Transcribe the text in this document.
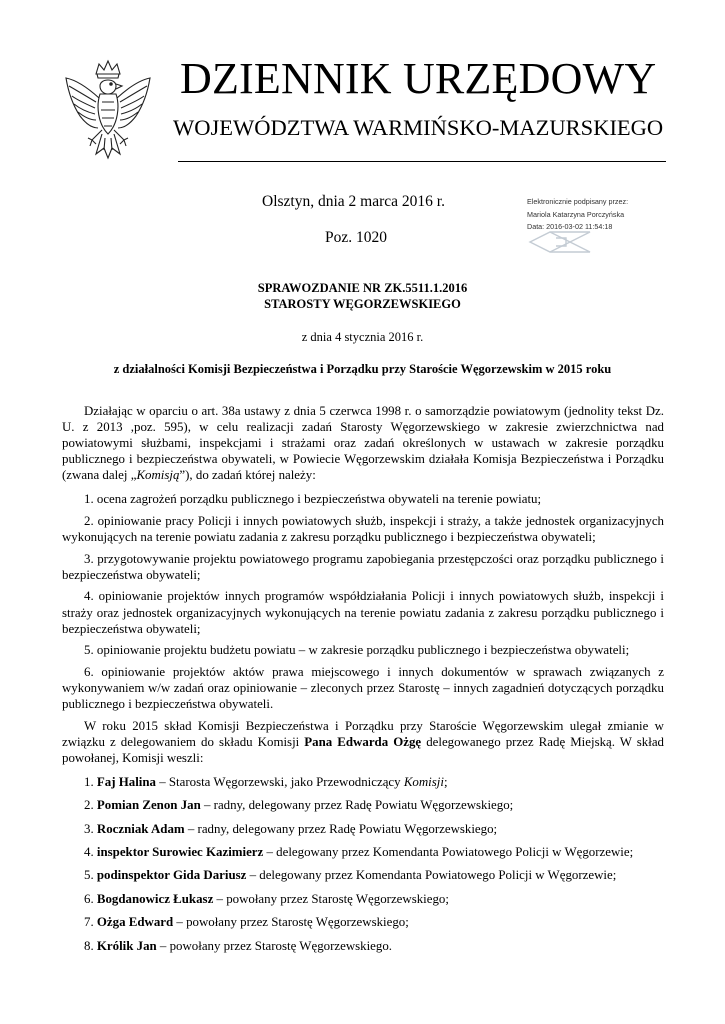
DZIENNIK URZĘDOWY
WOJEWÓDZTWA WARMIŃSKO-MAZURSKIEGO
Olsztyn, dnia 2 marca 2016 r.
Poz. 1020
Elektronicznie podpisany przez:
Mariola Katarzyna Porczyńska
Data: 2016-03-02 11:54:18
SPRAWOZDANIE NR ZK.5511.1.2016
STAROSTY WĘGORZEWSKIEGO
z dnia 4 stycznia 2016 r.
z działalności Komisji Bezpieczeństwa i Porządku przy Staroście Węgorzewskim w 2015 roku

Działając w oparciu o art. 38a ustawy z dnia 5 czerwca 1998 r. o samorządzie powiatowym (jednolity tekst Dz. U. z 2013 ,poz. 595), w celu realizacji zadań Starosty Węgorzewskiego w zakresie zwierzchnictwa nad powiatowymi służbami, inspekcjami i strażami oraz zadań określonych w ustawach w zakresie porządku publicznego i bezpieczeństwa obywateli, w Powiecie Węgorzewskim działała Komisja Bezpieczeństwa i Porządku (zwana dalej „Komisją”), do zadań której należy:

1. ocena zagrożeń porządku publicznego i bezpieczeństwa obywateli na terenie powiatu;

2. opiniowanie pracy Policji i innych powiatowych służb, inspekcji i straży, a także jednostek organizacyjnych wykonujących na terenie powiatu zadania z zakresu porządku publicznego i bezpieczeństwa obywateli;

3. przygotowywanie projektu powiatowego programu zapobiegania przestępczości oraz porządku publicznego i bezpieczeństwa obywateli;

4. opiniowanie projektów innych programów współdziałania Policji i innych powiatowych służb, inspekcji i straży oraz jednostek organizacyjnych wykonujących na terenie powiatu zadania z zakresu porządku publicznego i bezpieczeństwa obywateli;

5. opiniowanie projektu budżetu powiatu – w zakresie porządku publicznego i bezpieczeństwa obywateli;

6. opiniowanie projektów aktów prawa miejscowego i innych dokumentów w sprawach związanych z wykonywaniem w/w zadań oraz opiniowanie – zleconych przez Starostę – innych zagadnień dotyczących porządku publicznego i bezpieczeństwa obywateli.

W roku 2015 skład Komisji Bezpieczeństwa i Porządku przy Staroście Węgorzewskim ulegał zmianie w związku z delegowaniem do składu Komisji Pana Edwarda Ożgę delegowanego przez Radę Miejską. W skład powołanej, Komisji weszli:

1. Faj Halina – Starosta Węgorzewski, jako Przewodniczący Komisji;

2. Pomian Zenon Jan – radny, delegowany przez Radę Powiatu Węgorzewskiego;

3. Roczniak Adam – radny, delegowany przez Radę Powiatu Węgorzewskiego;

4. inspektor Surowiec Kazimierz – delegowany przez Komendanta Powiatowego Policji w Węgorzewie;

5. podinspektor Gida Dariusz – delegowany przez Komendanta Powiatowego Policji w Węgorzewie;

6. Bogdanowicz Łukasz – powołany przez Starostę Węgorzewskiego;

7. Ożga Edward – powołany przez Starostę Węgorzewskiego;

8. Królik Jan – powołany przez Starostę Węgorzewskiego.
